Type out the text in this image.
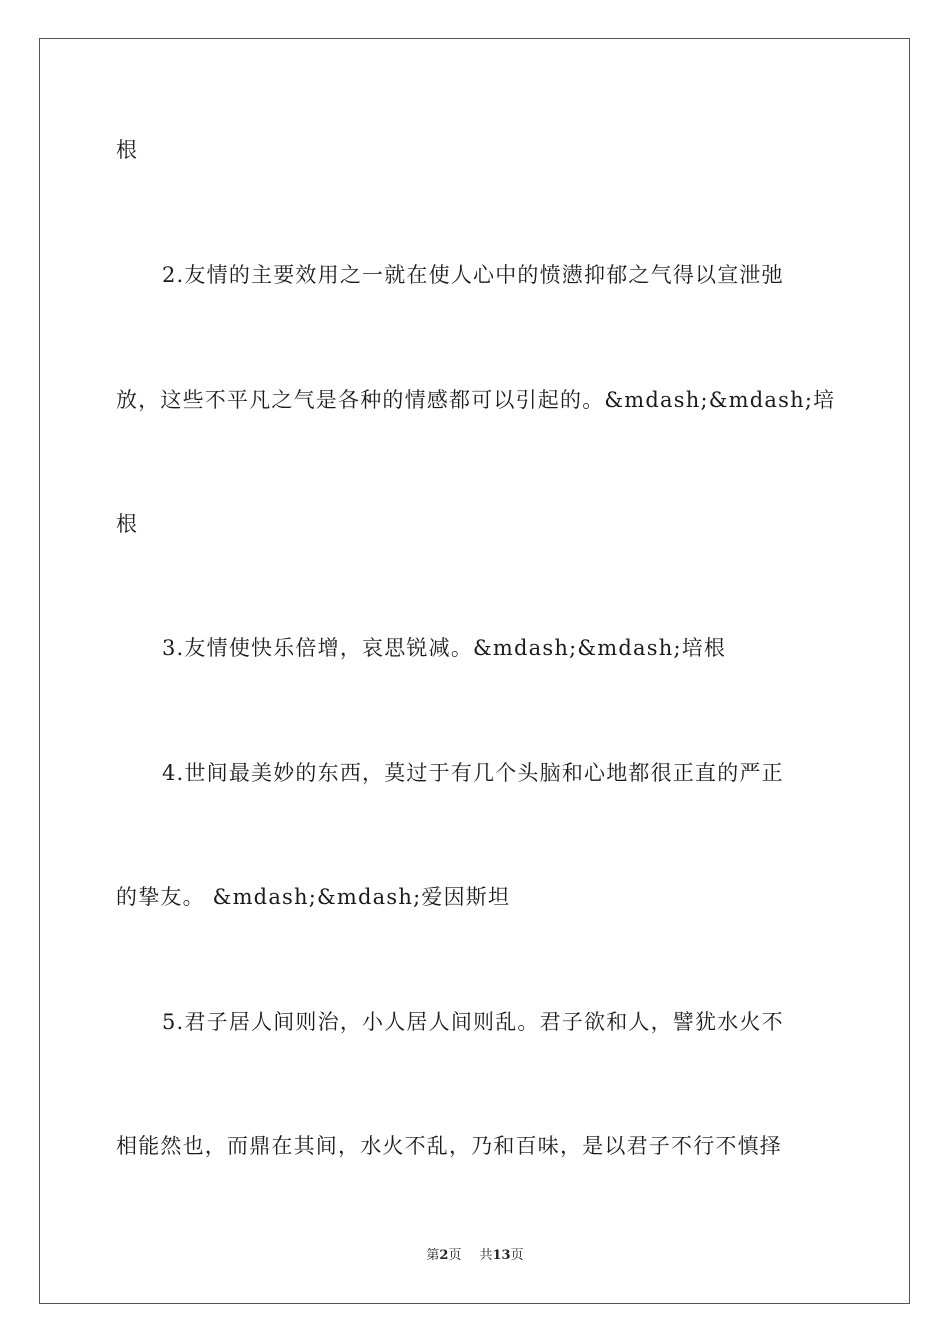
根
2.友情的主要效用之一就在使人心中的愤懑抑郁之气得以宣泄弛
放，这些不平凡之气是各种的情感都可以引起的。&mdash;&mdash;培
根
3.友情使快乐倍增，哀思锐减。&mdash;&mdash;培根
4.世间最美妙的东西，莫过于有几个头脑和心地都很正直的严正
的挚友。 &mdash;&mdash;爱因斯坦
5.君子居人间则治，小人居人间则乱。君子欲和人，譬犹水火不
相能然也，而鼎在其间，水火不乱，乃和百味，是以君子不行不慎择
第2页 共13页
